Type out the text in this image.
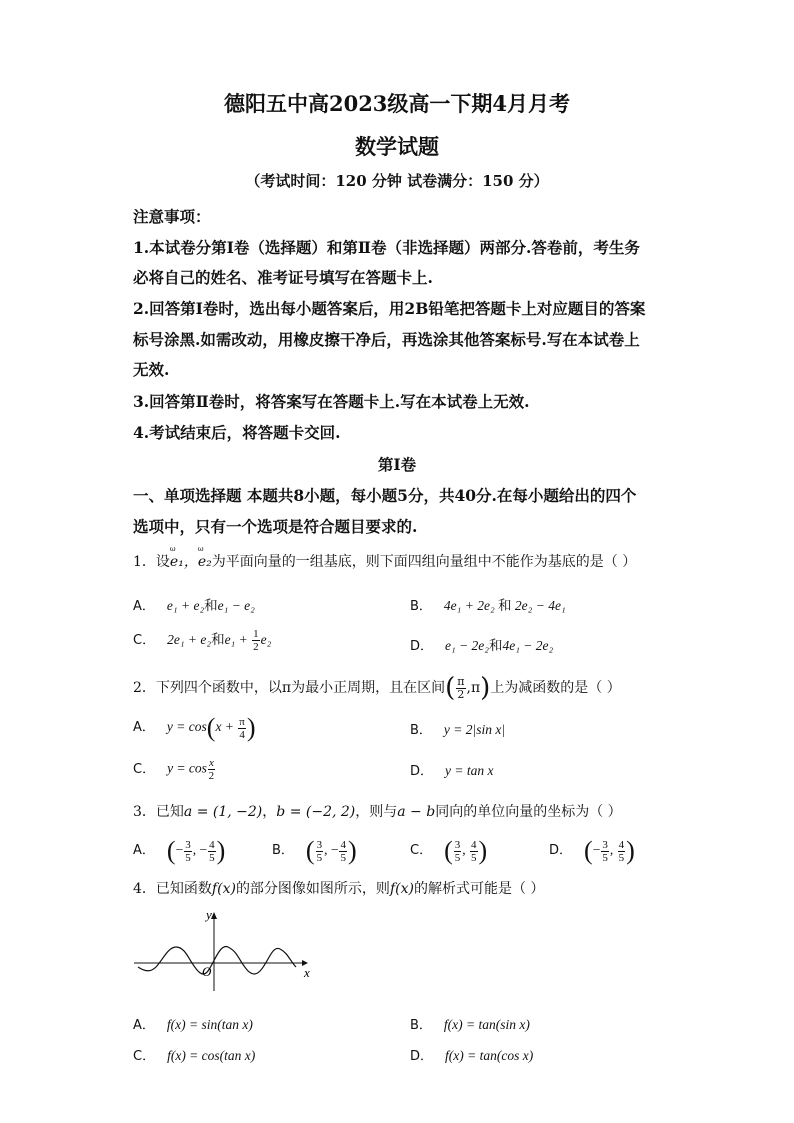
德阳五中高2023级高一下期4月月考
数学试题
（考试时间：120 分钟 试卷满分：150 分）
注意事项：
1.本试卷分第Ⅰ卷（选择题）和第Ⅱ卷（非选择题）两部分.答卷前，考生务
必将自己的姓名、准考证号填写在答题卡上.
2.回答第Ⅰ卷时，选出每小题答案后，用2B铅笔把答题卡上对应题目的答案
标号涂黑.如需改动，用橡皮擦干净后，再选涂其他答案标号.写在本试卷上
无效.
3.回答第Ⅱ卷时，将答案写在答题卡上.写在本试卷上无效.
4.考试结束后，将答题卡交回.
第Ⅰ卷
一、单项选择题 本题共8小题，每小题5分，共40分.在每小题给出的四个
选项中，只有一个选项是符合题目要求的.
1．设ω e₁，ω e₂为平面向量的一组基底，则下面四组向量组中不能作为基底的是（ ）
A． e₁ + e₂和e₁ − e₂	B． 4e₁ + 2e₂ 和 2e₂ − 4e₁
C． 2e₁ + e₂和$e_1 + \frac{1}{2} e_2$	D． e₁ − 2e₂和4e₁ − 2e₂
2．下列四个函数中，以π为最小正周期，且在区间( $\frac{\pi}{2} ,\pi$)上为减函数的是（ ）
A． $y = \cos(x + \frac{\pi}{4}$ )	B． y = 2|sin x|
C． $y = \cos \frac{x}{2}$	D． y = tan x
3．已知a = (1, −2)，b = (−2, 2)，则与a − b同向的单位向量的坐标为（ ）
A． (− $\frac{3}{5}$ , − $\frac{4}{5}$ )	B． ( $\frac{3}{5}$ , − $\frac{4}{5}$ )	C． ( $\frac{3}{5}$ , $\frac{4}{5}$ )	D． (− $\frac{3}{5}$ , $\frac{4}{5}$ )
4．已知函数f(x)的部分图像如图所示，则f(x)的解析式可能是（ ）
y
x
O
A． f(x) = sin(tan x)	B． f(x) = tan(sin x)
C． f(x) = cos(tan x)	D． f(x) = tan(cos x)
